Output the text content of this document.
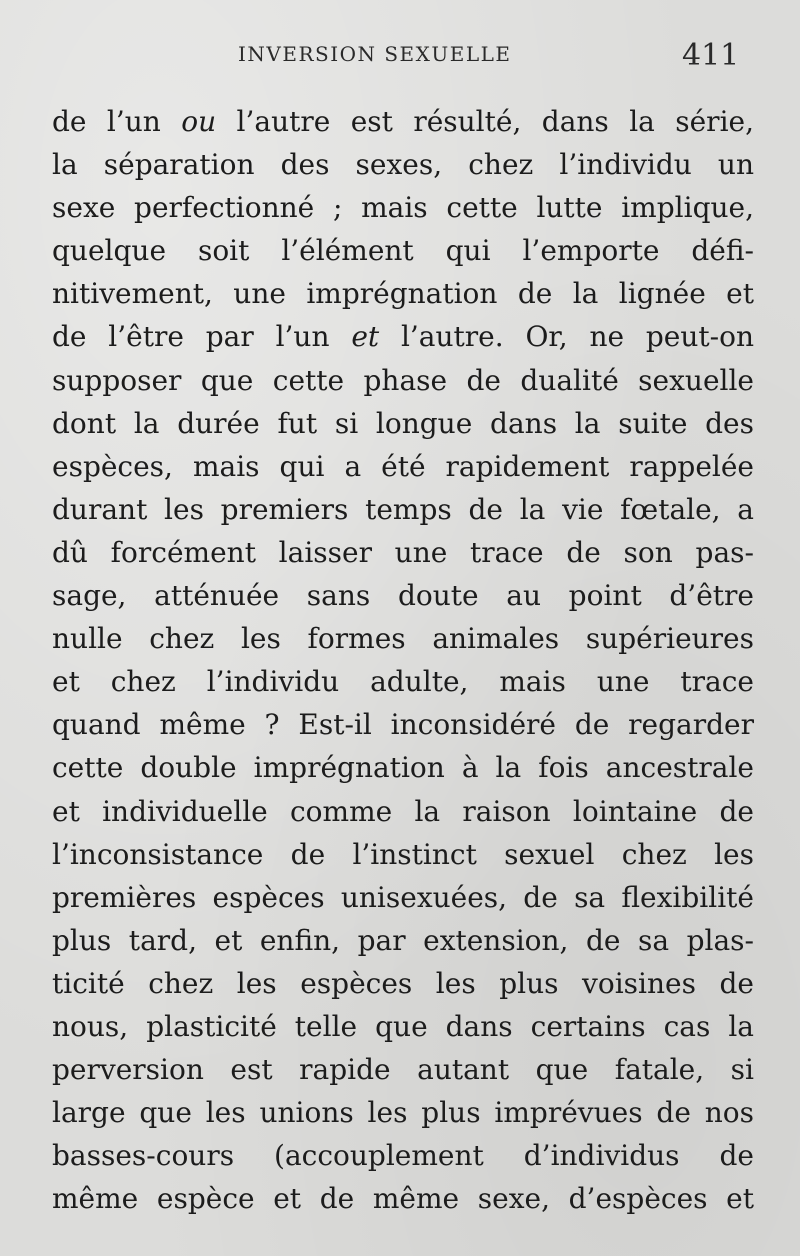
INVERSION SEXUELLE	411
de l’un ou l’autre est résulté, dans la série,
la séparation des sexes, chez l’individu un
sexe perfectionné ; mais cette lutte implique,
quelque soit l’élément qui l’emporte défi-
nitivement, une imprégnation de la lignée et
de l’être par l’un et l’autre. Or, ne peut-on
supposer que cette phase de dualité sexuelle
dont la durée fut si longue dans la suite des
espèces, mais qui a été rapidement rappelée
durant les premiers temps de la vie fœtale, a
dû forcément laisser une trace de son pas-
sage, atténuée sans doute au point d’être
nulle chez les formes animales supérieures
et chez l’individu adulte, mais une trace
quand même ? Est-il inconsidéré de regarder
cette double imprégnation à la fois ancestrale
et individuelle comme la raison lointaine de
l’inconsistance de l’instinct sexuel chez les
premières espèces unisexuées, de sa flexibilité
plus tard, et enfin, par extension, de sa plas-
ticité chez les espèces les plus voisines de
nous, plasticité telle que dans certains cas la
perversion est rapide autant que fatale, si
large que les unions les plus imprévues de nos
basses-cours (accouplement d’individus de
même espèce et de même sexe, d’espèces et
